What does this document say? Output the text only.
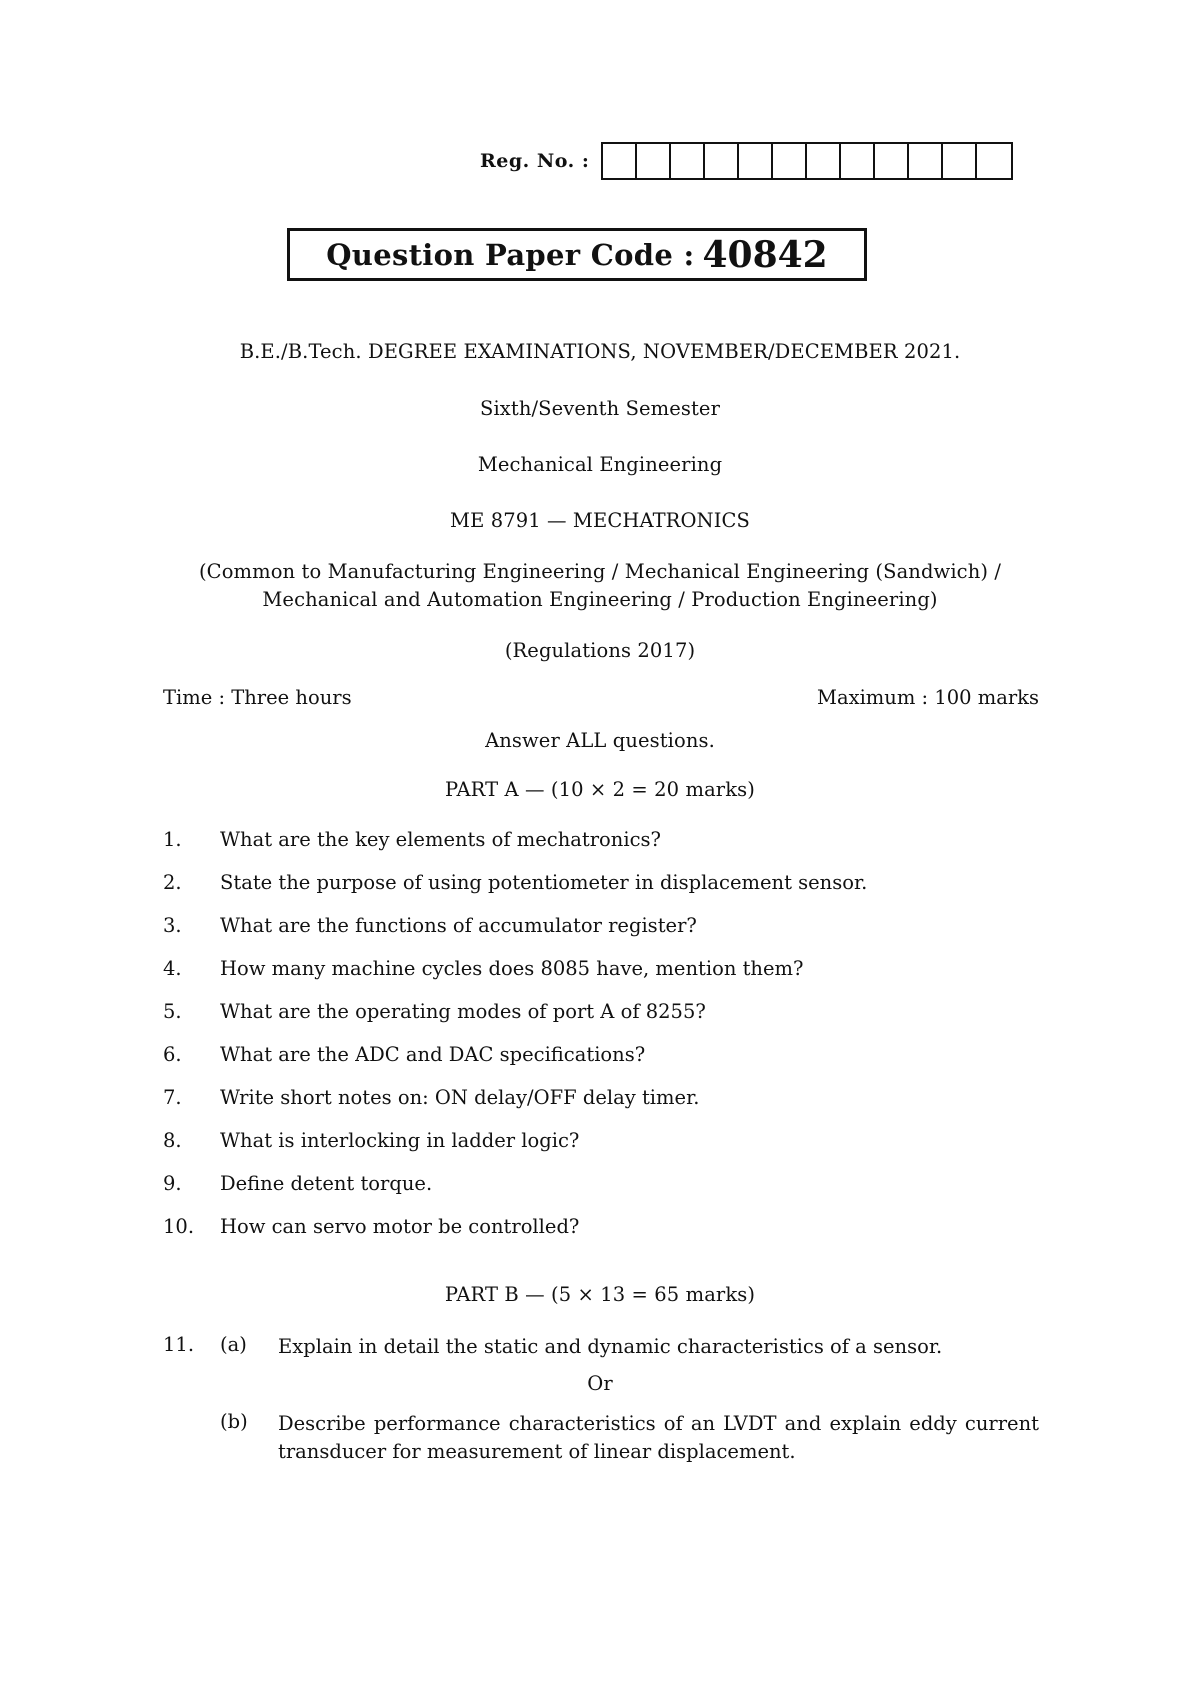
Reg. No. :
Question Paper Code : 40842
B.E./B.Tech. DEGREE EXAMINATIONS, NOVEMBER/DECEMBER 2021.
Sixth/Seventh Semester
Mechanical Engineering
ME 8791 — MECHATRONICS
(Common to Manufacturing Engineering / Mechanical Engineering (Sandwich) /
Mechanical and Automation Engineering / Production Engineering)
(Regulations 2017)
Time : Three hours	Maximum : 100 marks
Answer ALL questions.
PART A — (10 × 2 = 20 marks)
1.	What are the key elements of mechatronics?
2.	State the purpose of using potentiometer in displacement sensor.
3.	What are the functions of accumulator register?
4.	How many machine cycles does 8085 have, mention them?
5.	What are the operating modes of port A of 8255?
6.	What are the ADC and DAC specifications?
7.	Write short notes on: ON delay/OFF delay timer.
8.	What is interlocking in ladder logic?
9.	Define detent torque.
10.	How can servo motor be controlled?
PART B — (5 × 13 = 65 marks)
11.	(a)	Explain in detail the static and dynamic characteristics of a sensor.
Or
(b)	Describe performance characteristics of an LVDT and explain eddy current transducer for measurement of linear displacement.
